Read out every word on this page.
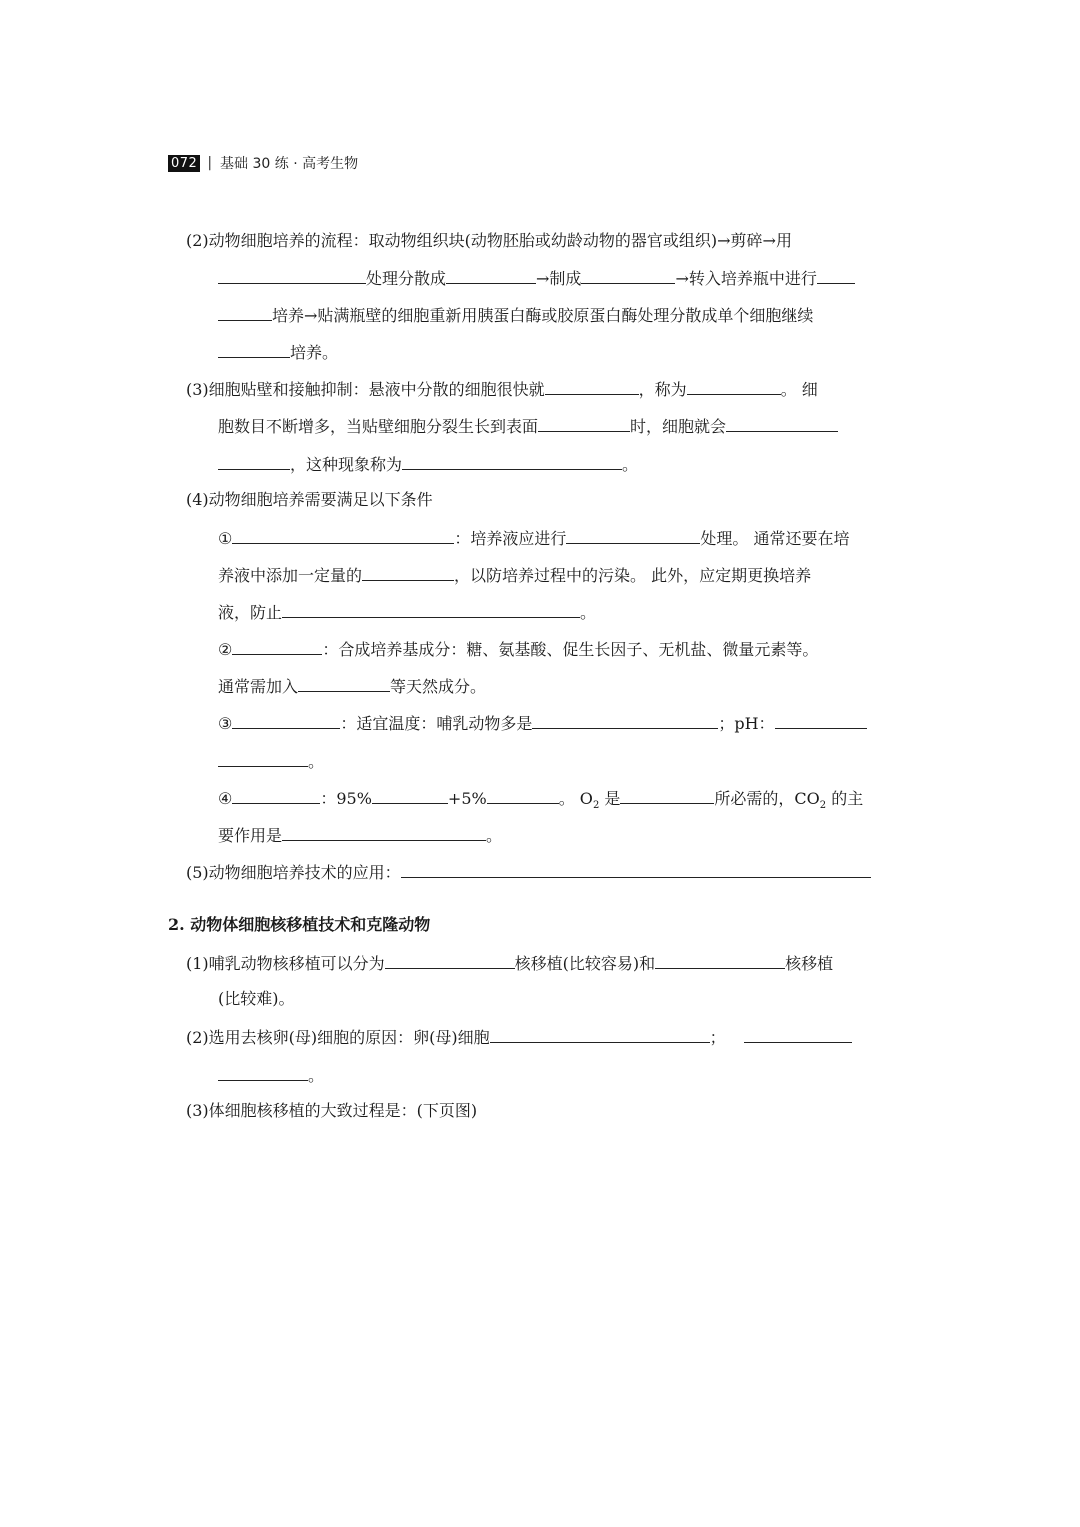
072 | 基础 30 练 · 高考生物
(2)动物细胞培养的流程：取动物组织块(动物胚胎或幼龄动物的器官或组织)→剪碎→用
处理分散成	→制成	→转入培养瓶中进行
培养→贴满瓶壁的细胞重新用胰蛋白酶或胶原蛋白酶处理分散成单个细胞继续
培养。
(3)细胞贴壁和接触抑制：悬液中分散的细胞很快就	，称为	。 细
胞数目不断增多，当贴壁细胞分裂生长到表面	时，细胞就会
，这种现象称为	。
(4)动物细胞培养需要满足以下条件
①	：培养液应进行	处理。 通常还要在培
养液中添加一定量的	，以防培养过程中的污染。 此外，应定期更换培养
液，防止	。
②	：合成培养基成分：糖、氨基酸、促生长因子、无机盐、微量元素等。
通常需加入	等天然成分。
③	：适宜温度：哺乳动物多是	；pH：
。
④	：95%	+5%	。 $O_2$ 是	所必需的，$CO_2$ 的主
要作用是	。
(5)动物细胞培养技术的应用：
2. 动物体细胞核移植技术和克隆动物
(1)哺乳动物核移植可以分为	核移植(比较容易)和	核移植
(比较难)。
(2)选用去核卵(母)细胞的原因：卵(母)细胞	；
。
(3)体细胞核移植的大致过程是：(下页图)
